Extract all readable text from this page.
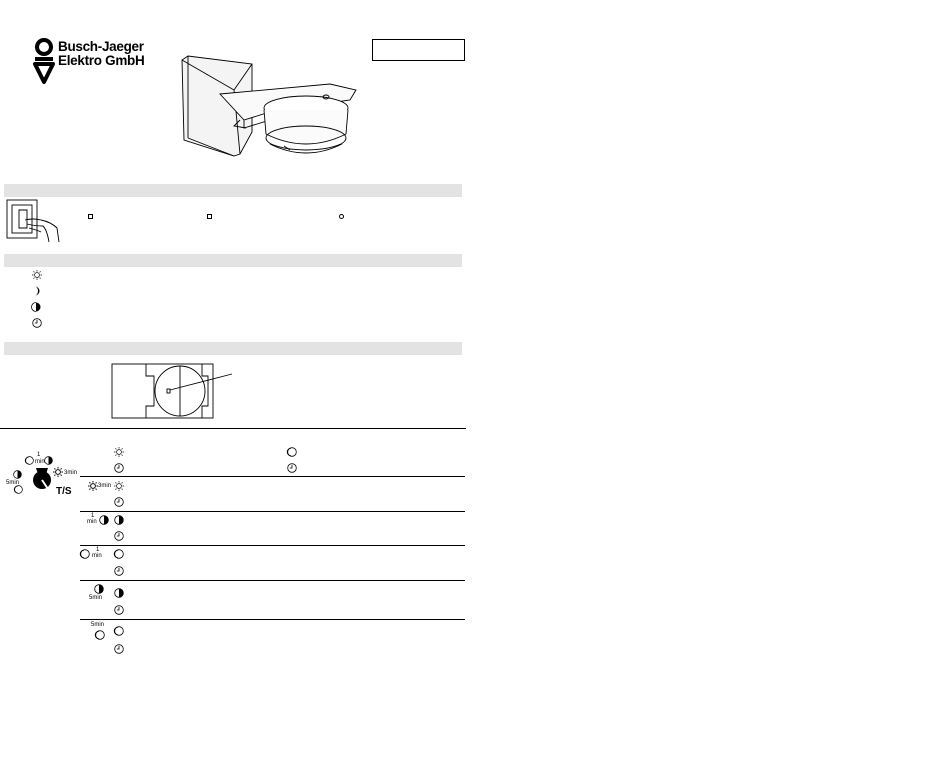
Busch-Jaeger
Elektro GmbH
1
min
5min
3min
T/S	3min
1
min
1
min
5min
5min
